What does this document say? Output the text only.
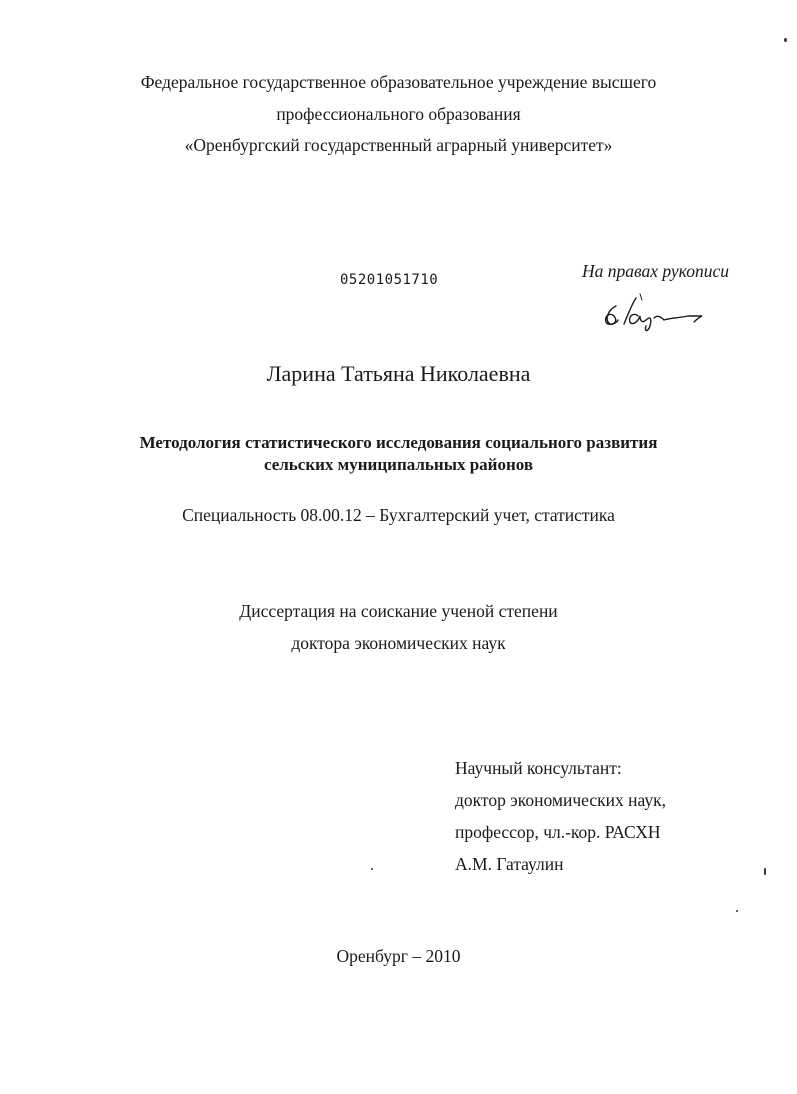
Федеральное государственное образовательное учреждение высшего
профессионального образования
«Оренбургский государственный аграрный университет»
05201051710	На правах рукописи
Ларина Татьяна Николаевна
Методология статистического исследования социального развития
сельских муниципальных районов
Специальность 08.00.12 – Бухгалтерский учет, статистика
Диссертация на соискание ученой степени
доктора экономических наук
Научный консультант:
доктор экономических наук,
профессор, чл.-кор. РАСХН
А.М. Гатаулин
Оренбург – 2010
